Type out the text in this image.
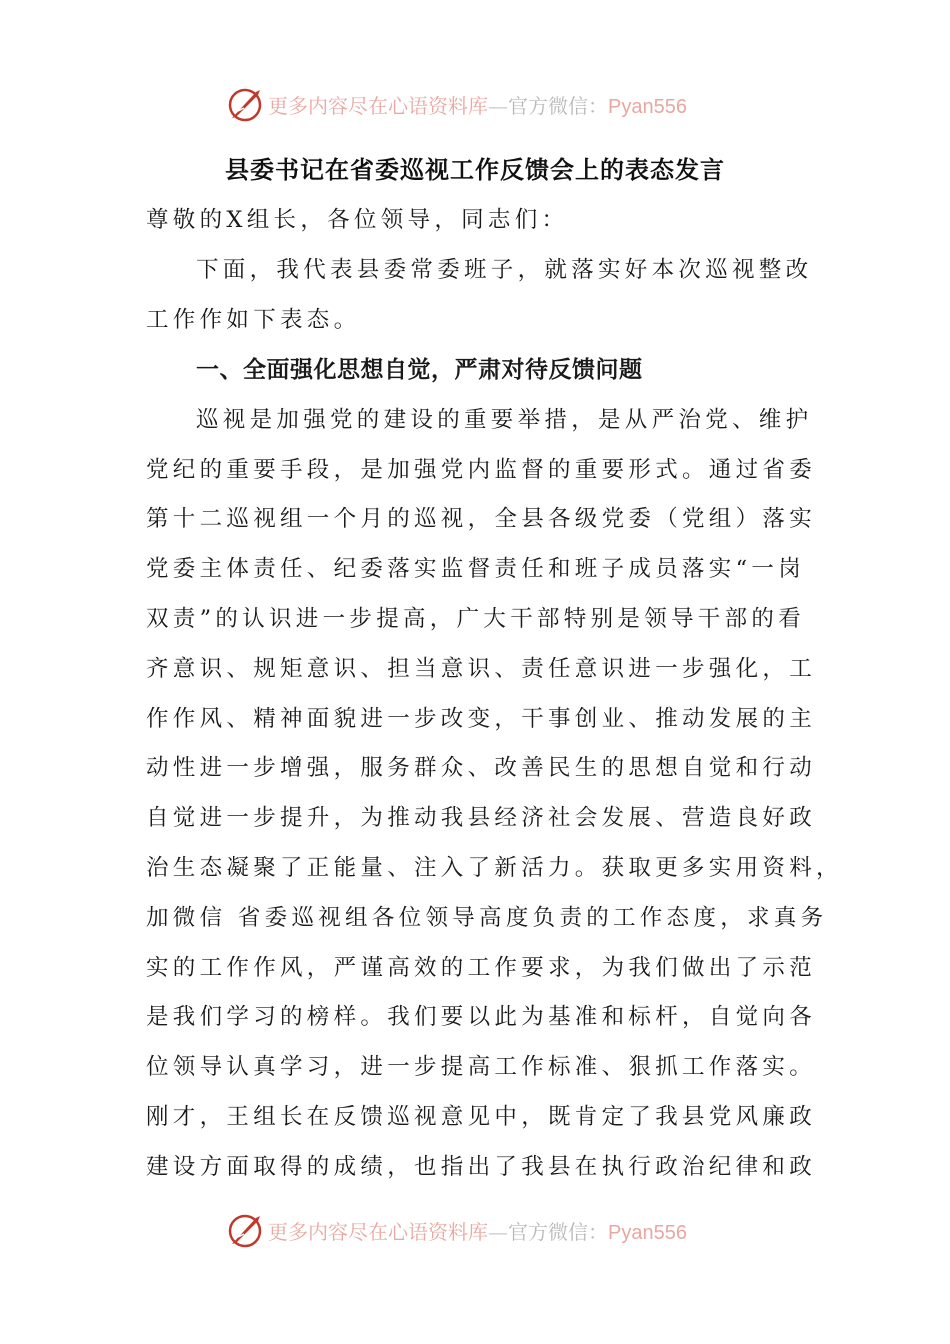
更多内容尽在心语资料库—官方微信：Pyan556
县委书记在省委巡视工作反馈会上的表态发言
尊敬的X组长，各位领导，同志们：
下面，我代表县委常委班子，就落实好本次巡视整改
工作作如下表态。
一、全面强化思想自觉，严肃对待反馈问题
巡视是加强党的建设的重要举措，是从严治党、维护
党纪的重要手段，是加强党内监督的重要形式。通过省委
第十二巡视组一个月的巡视，全县各级党委（党组）落实
党委主体责任、纪委落实监督责任和班子成员落实“一岗
双责”的认识进一步提高，广大干部特别是领导干部的看
齐意识、规矩意识、担当意识、责任意识进一步强化，工
作作风、精神面貌进一步改变，干事创业、推动发展的主
动性进一步增强，服务群众、改善民生的思想自觉和行动
自觉进一步提升，为推动我县经济社会发展、营造良好政
治生态凝聚了正能量、注入了新活力。获取更多实用资料，
加微信 省委巡视组各位领导高度负责的工作态度，求真务
实的工作作风，严谨高效的工作要求，为我们做出了示范
是我们学习的榜样。我们要以此为基准和标杆，自觉向各
位领导认真学习，进一步提高工作标准、狠抓工作落实。
刚才，王组长在反馈巡视意见中，既肯定了我县党风廉政
建设方面取得的成绩，也指出了我县在执行政治纪律和政
更多内容尽在心语资料库—官方微信：Pyan556
